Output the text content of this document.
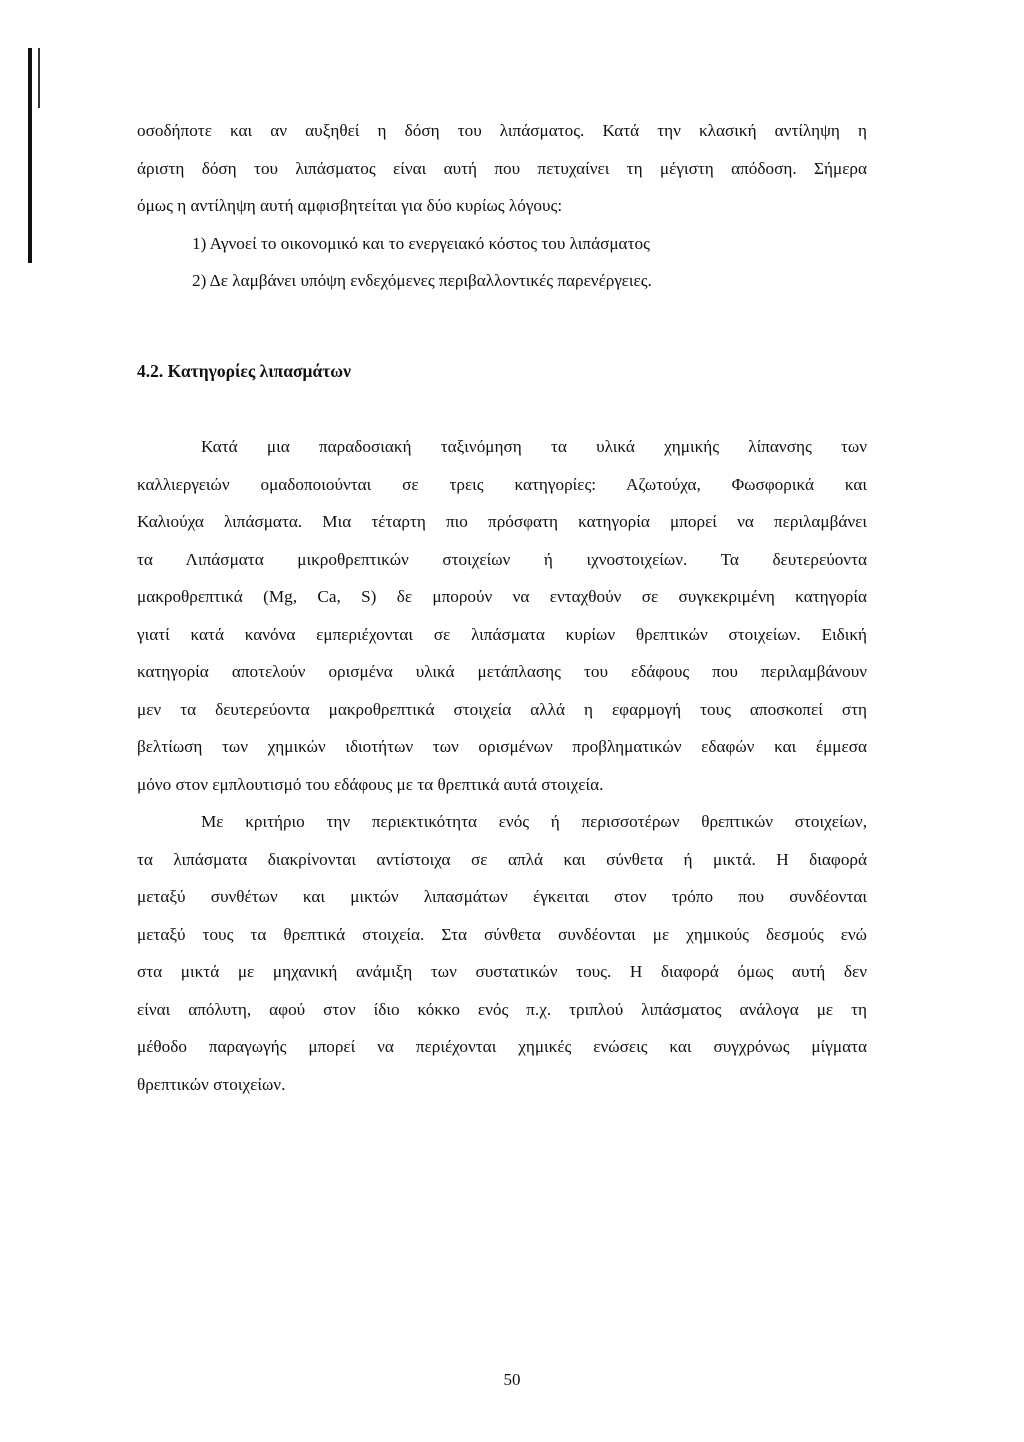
οσοδήποτε και αν αυξηθεί η δόση του λιπάσματος. Κατά την κλασική αντίληψη η
άριστη δόση του λιπάσματος είναι αυτή που πετυχαίνει τη μέγιστη απόδοση. Σήμερα
όμως η αντίληψη αυτή αμφισβητείται για δύο κυρίως λόγους:

1) Αγνοεί το οικονομικό και το ενεργειακό κόστος του λιπάσματος
2) Δε λαμβάνει υπόψη ενδεχόμενες περιβαλλοντικές παρενέργειες.
4.2. Κατηγορίες λιπασμάτων

Κατά μια παραδοσιακή ταξινόμηση τα υλικά χημικής λίπανσης των
καλλιεργειών ομαδοποιούνται σε τρεις κατηγορίες: Αζωτούχα, Φωσφορικά και
Καλιούχα λιπάσματα. Μια τέταρτη πιο πρόσφατη κατηγορία μπορεί να περιλαμβάνει
τα Λιπάσματα μικροθρεπτικών στοιχείων ή ιχνοστοιχείων. Τα δευτερεύοντα
μακροθρεπτικά (Mg, Ca, S) δε μπορούν να ενταχθούν σε συγκεκριμένη κατηγορία
γιατί κατά κανόνα εμπεριέχονται σε λιπάσματα κυρίων θρεπτικών στοιχείων. Ειδική
κατηγορία αποτελούν ορισμένα υλικά μετάπλασης του εδάφους που περιλαμβάνουν
μεν τα δευτερεύοντα μακροθρεπτικά στοιχεία αλλά η εφαρμογή τους αποσκοπεί στη
βελτίωση των χημικών ιδιοτήτων των ορισμένων προβληματικών εδαφών και έμμεσα
μόνο στον εμπλουτισμό του εδάφους με τα θρεπτικά αυτά στοιχεία.

Με κριτήριο την περιεκτικότητα ενός ή περισσοτέρων θρεπτικών στοιχείων,
τα λιπάσματα διακρίνονται αντίστοιχα σε απλά και σύνθετα ή μικτά. Η διαφορά
μεταξύ συνθέτων και μικτών λιπασμάτων έγκειται στον τρόπο που συνδέονται
μεταξύ τους τα θρεπτικά στοιχεία. Στα σύνθετα συνδέονται με χημικούς δεσμούς ενώ
στα μικτά με μηχανική ανάμιξη των συστατικών τους. Η διαφορά όμως αυτή δεν
είναι απόλυτη, αφού στον ίδιο κόκκο ενός π.χ. τριπλού λιπάσματος ανάλογα με τη
μέθοδο παραγωγής μπορεί να περιέχονται χημικές ενώσεις και συγχρόνως μίγματα
θρεπτικών στοιχείων.

50
